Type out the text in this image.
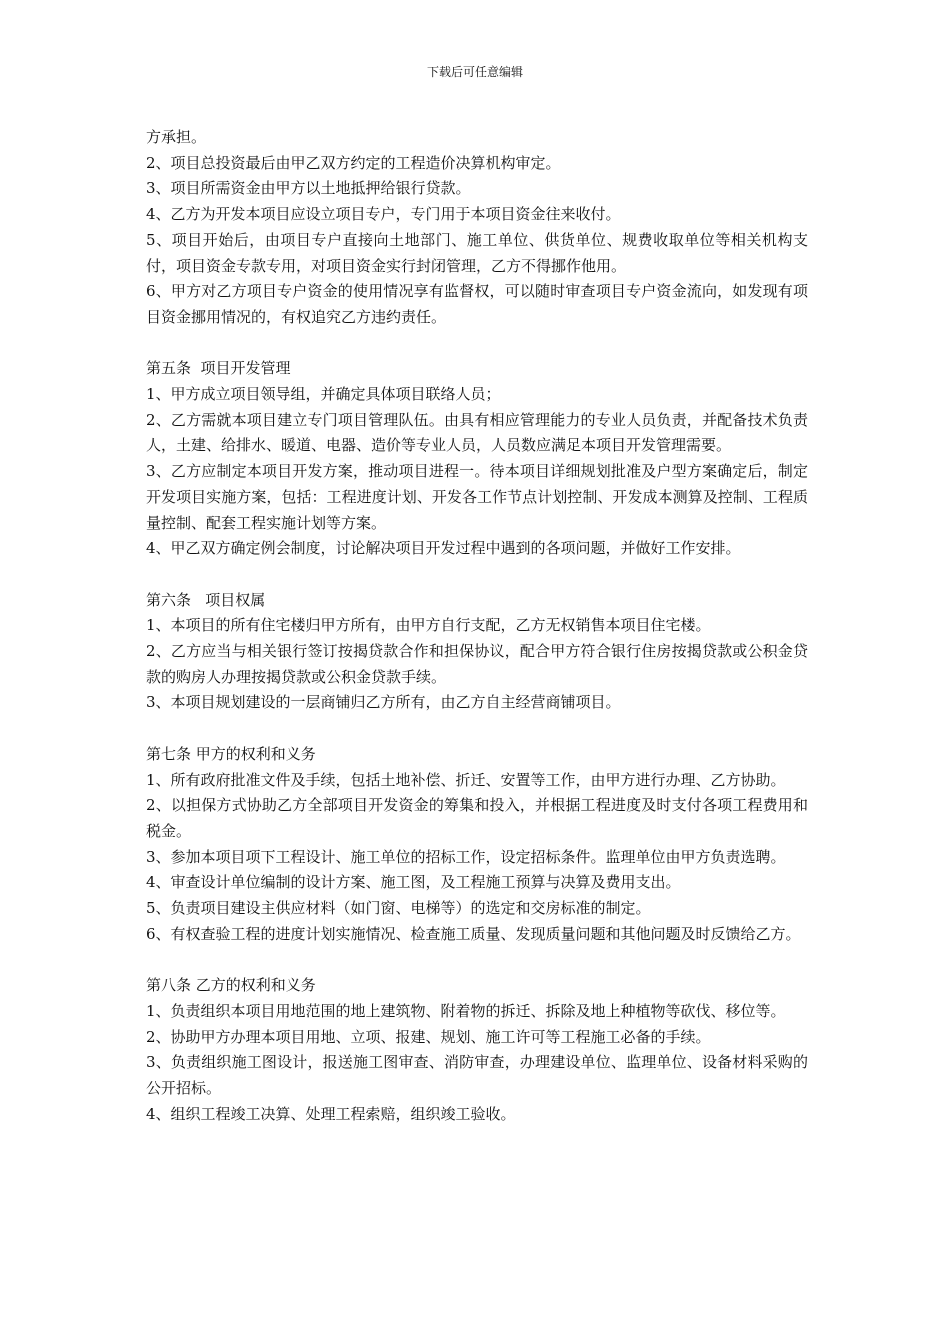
下载后可任意编辑

方承担。

2、项目总投资最后由甲乙双方约定的工程造价决算机构审定。

3、项目所需资金由甲方以土地抵押给银行贷款。

4、乙方为开发本项目应设立项目专户，专门用于本项目资金往来收付。

5、项目开始后，由项目专户直接向土地部门、施工单位、供货单位、规费收取单位等相关机构支付，项目资金专款专用，对项目资金实行封闭管理，乙方不得挪作他用。

6、甲方对乙方项目专户资金的使用情况享有监督权，可以随时审查项目专户资金流向，如发现有项目资金挪用情况的，有权追究乙方违约责任。

第五条  项目开发管理

1、甲方成立项目领导组，并确定具体项目联络人员；

2、乙方需就本项目建立专门项目管理队伍。由具有相应管理能力的专业人员负责，并配备技术负责人，土建、给排水、暖道、电器、造价等专业人员，人员数应满足本项目开发管理需要。

3、乙方应制定本项目开发方案，推动项目进程一。待本项目详细规划批准及户型方案确定后，制定开发项目实施方案，包括：工程进度计划、开发各工作节点计划控制、开发成本测算及控制、工程质量控制、配套工程实施计划等方案。

4、甲乙双方确定例会制度，讨论解决项目开发过程中遇到的各项问题，并做好工作安排。

第六条   项目权属

1、本项目的所有住宅楼归甲方所有，由甲方自行支配，乙方无权销售本项目住宅楼。

2、乙方应当与相关银行签订按揭贷款合作和担保协议，配合甲方符合银行住房按揭贷款或公积金贷款的购房人办理按揭贷款或公积金贷款手续。

3、本项目规划建设的一层商铺归乙方所有，由乙方自主经营商铺项目。

第七条 甲方的权利和义务

1、所有政府批准文件及手续，包括土地补偿、折迁、安置等工作，由甲方进行办理、乙方协助。

2、以担保方式协助乙方全部项目开发资金的筹集和投入，并根据工程进度及时支付各项工程费用和税金。

3、参加本项目项下工程设计、施工单位的招标工作，设定招标条件。监理单位由甲方负责选聘。

4、审查设计单位编制的设计方案、施工图，及工程施工预算与决算及费用支出。

5、负责项目建设主供应材料（如门窗、电梯等）的选定和交房标准的制定。

6、有权查验工程的进度计划实施情况、检查施工质量、发现质量问题和其他问题及时反馈给乙方。

第八条 乙方的权利和义务

1、负责组织本项目用地范围的地上建筑物、附着物的拆迁、拆除及地上种植物等砍伐、移位等。

2、协助甲方办理本项目用地、立项、报建、规划、施工许可等工程施工必备的手续。

3、负责组织施工图设计，报送施工图审查、消防审查，办理建设单位、监理单位、设备材料采购的公开招标。

4、组织工程竣工决算、处理工程索赔，组织竣工验收。
